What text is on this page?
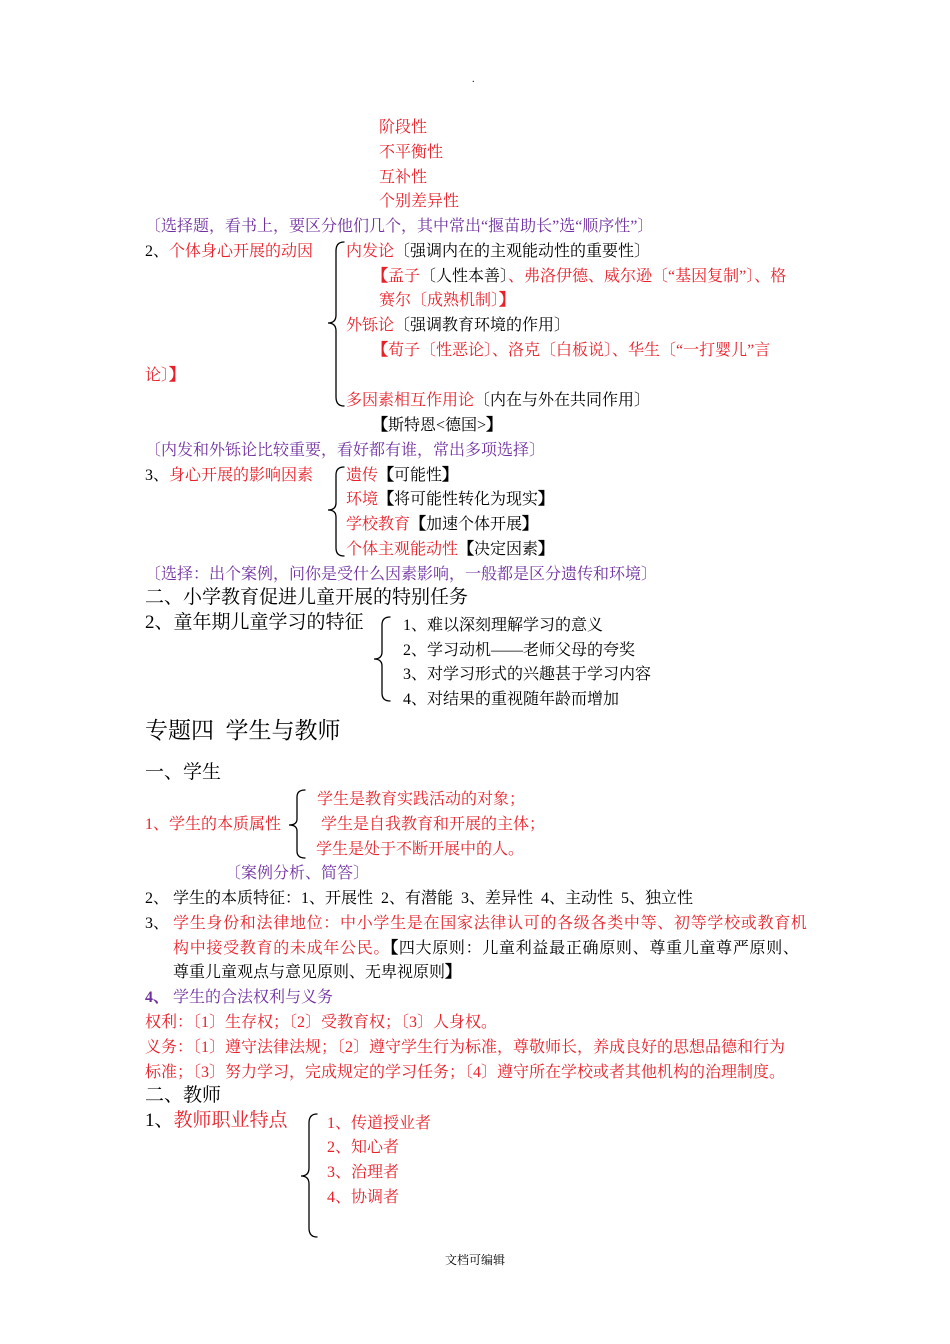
.
阶段性
不平衡性
互补性
个别差异性
〔选择题，看书上，要区分他们几个，其中常出“揠苗助长”选“顺序性”〕
2、个体身心开展的动因 内发论〔强调内在的主观能动性的重要性〕
【孟子〔人性本善〕、弗洛伊德、威尔逊〔“基因复制”〕、格
赛尔〔成熟机制〕】
外铄论〔强调教育环境的作用〕
【荀子〔性恶论〕、洛克〔白板说〕、华生〔“一打婴儿”言
论〕】
多因素相互作用论〔内在与外在共同作用〕
【斯特恩<德国>】
〔内发和外铄论比较重要，看好都有谁，常出多项选择〕
3、身心开展的影响因素 遗传【可能性】
环境【将可能性转化为现实】
学校教育【加速个体开展】
个体主观能动性【决定因素】
〔选择：出个案例，问你是受什么因素影响，一般都是区分遗传和环境〕
二、小学教育促进儿童开展的特别任务
2、童年期儿童学习的特征 1、难以深刻理解学习的意义
2、学习动机——老师父母的夸奖
3、对学习形式的兴趣甚于学习内容
4、对结果的重视随年龄而增加
专题四  学生与教师
一、学生
学生是教育实践活动的对象；
1、学生的本质属性 学生是自我教育和开展的主体；
学生是处于不断开展中的人。
〔案例分析、简答〕
2、 学生的本质特征：1、开展性  2、有潜能  3、差异性  4、主动性  5、独立性
3、 学生身份和法律地位：中小学生是在国家法律认可的各级各类中等、初等学校或教育机
构中接受教育的未成年公民。【四大原则：儿童利益最正确原则、尊重儿童尊严原则、
尊重儿童观点与意见原则、无卑视原则】
4、 学生的合法权利与义务
权利：〔1〕生存权；〔2〕受教育权；〔3〕人身权。
义务：〔1〕遵守法律法规；〔2〕遵守学生行为标准，尊敬师长，养成良好的思想品德和行为
标准；〔3〕努力学习，完成规定的学习任务；〔4〕遵守所在学校或者其他机构的治理制度。
二、教师
1、教师职业特点 1、传道授业者
2、知心者
3、治理者
4、协调者
文档可编辑
